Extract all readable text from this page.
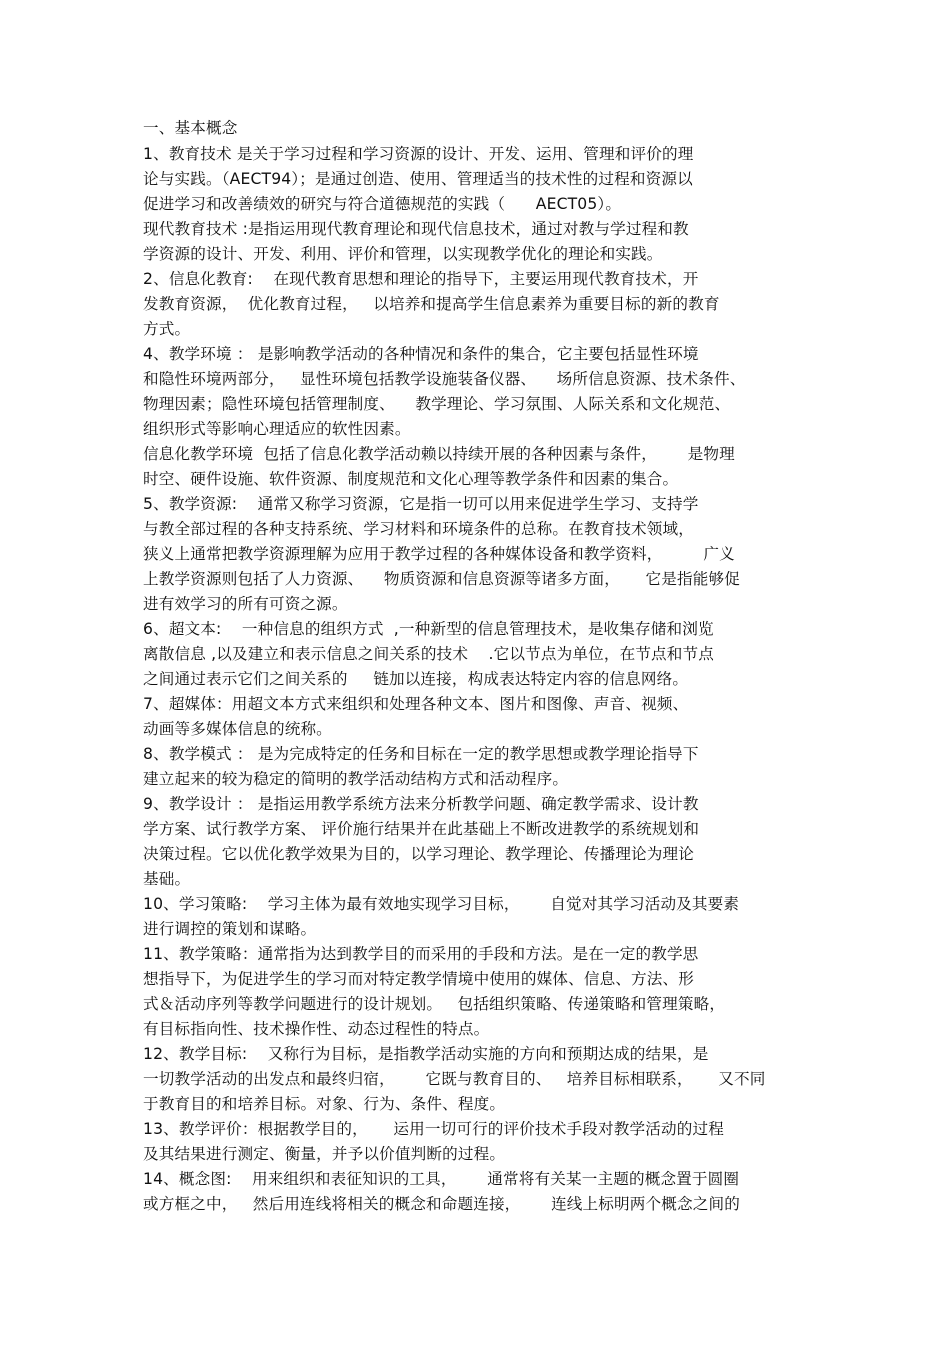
一、基本概念
1、教育技术 是关于学习过程和学习资源的设计、开发、运用、管理和评价的理
论与实践。（AECT94）；是通过创造、使用、管理适当的技术性的过程和资源以
促进学习和改善绩效的研究与符合道德规范的实践（      AECT05）。
现代教育技术 :是指运用现代教育理论和现代信息技术，通过对教与学过程和教
学资源的设计、开发、利用、评价和管理，以实现教学优化的理论和实践。
2、信息化教育:    在现代教育思想和理论的指导下，主要运用现代教育技术，开
发教育资源，  优化教育过程，   以培养和提高学生信息素养为重要目标的新的教育
方式。
4、教学环境 ： 是影响教学活动的各种情况和条件的集合，它主要包括显性环境
和隐性环境两部分，   显性环境包括教学设施装备仪器、    场所信息资源、技术条件、
物理因素；隐性环境包括管理制度、    教学理论、学习氛围、人际关系和文化规范、
组织形式等影响心理适应的软性因素。
信息化教学环境  包括了信息化教学活动赖以持续开展的各种因素与条件，      是物理
时空、硬件设施、软件资源、制度规范和文化心理等教学条件和因素的集合。
5、教学资源:    通常又称学习资源，它是指一切可以用来促进学生学习、支持学
与教全部过程的各种支持系统、学习材料和环境条件的总称。在教育技术领域，
狭义上通常把教学资源理解为应用于教学过程的各种媒体设备和教学资料，        广义
上教学资源则包括了人力资源、    物质资源和信息资源等诸多方面，     它是指能够促
进有效学习的所有可资之源。
6、超文本:    一种信息的组织方式  ,一种新型的信息管理技术，是收集存储和浏览
离散信息 ,以及建立和表示信息之间关系的技术    .它以节点为单位，在节点和节点
之间通过表示它们之间关系的     链加以连接，构成表达特定内容的信息网络。
7、超媒体：用超文本方式来组织和处理各种文本、图片和图像、声音、视频、
动画等多媒体信息的统称。
8、教学模式 ： 是为完成特定的任务和目标在一定的教学思想或教学理论指导下
建立起来的较为稳定的简明的教学活动结构方式和活动程序。
9、教学设计 ： 是指运用教学系统方法来分析教学问题、确定教学需求、设计教
学方案、试行教学方案、 评价施行结果并在此基础上不断改进教学的系统规划和
决策过程。它以优化教学效果为目的，以学习理论、教学理论、传播理论为理论
基础。
10、学习策略:    学习主体为最有效地实现学习目标，      自觉对其学习活动及其要素
进行调控的策划和谋略。
11、教学策略：通常指为达到教学目的而采用的手段和方法。是在一定的教学思
想指导下，为促进学生的学习而对特定教学情境中使用的媒体、信息、方法、形
式＆活动序列等教学问题进行的设计规划。   包括组织策略、传递策略和管理策略，
有目标指向性、技术操作性、动态过程性的特点。
12、教学目标:    又称行为目标，是指教学活动实施的方向和预期达成的结果，是
一切教学活动的出发点和最终归宿，      它既与教育目的、   培养目标相联系，     又不同
于教育目的和培养目标。对象、行为、条件、程度。
13、教学评价：根据教学目的，     运用一切可行的评价技术手段对教学活动的过程
及其结果进行测定、衡量，并予以价值判断的过程。
14、概念图:    用来组织和表征知识的工具，      通常将有关某一主题的概念置于圆圈
或方框之中，   然后用连线将相关的概念和命题连接，      连线上标明两个概念之间的
